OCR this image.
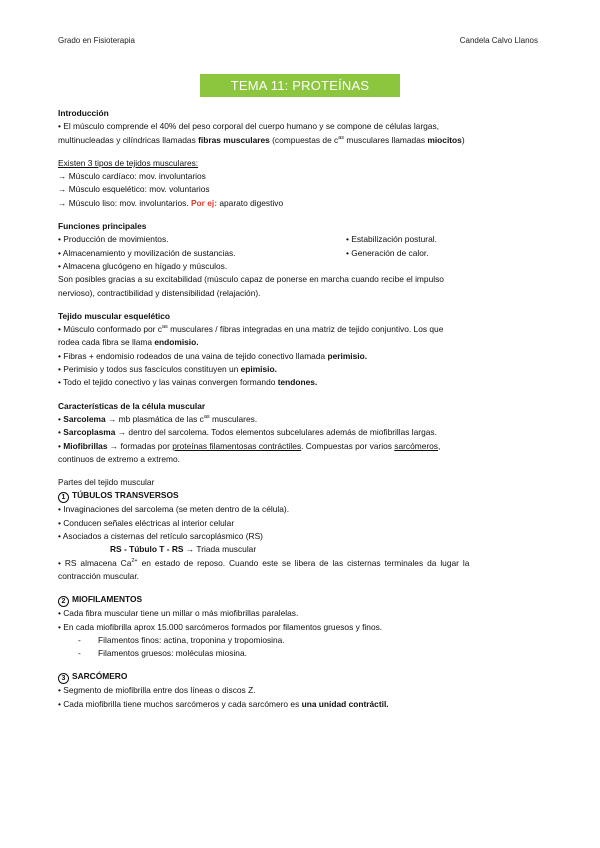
Grado en Fisioterapia	Candela Calvo Llanos
TEMA 11: PROTEÍNAS MUSCULARES
Introducción
• El músculo comprende el 40% del peso corporal del cuerpo humano y se compone de células largas,
multinucleadas y cilíndricas llamadas fibras musculares (compuestas de $c^{as}$ musculares llamadas miocitos)
Existen 3 tipos de tejidos musculares:
→ Músculo cardíaco: mov. involuntarios
→ Músculo esquelético: mov. voluntarios
→ Músculo liso: mov. involuntarios. Por ej: aparato digestivo
Funciones principales
• Producción de movimientos.	• Estabilización postural.
• Almacenamiento y movilización de sustancias.	• Generación de calor.
• Almacena glucógeno en hígado y músculos.
Son posibles gracias a su excitabilidad (músculo capaz de ponerse en marcha cuando recibe el impulso
nervioso), contractibilidad y distensibilidad (relajación).
Tejido muscular esquelético
• Músculo conformado por $c^{as}$ musculares / fibras integradas en una matriz de tejido conjuntivo. Los que
rodea cada fibra se llama endomisio.
• Fibras + endomisio rodeados de una vaina de tejido conectivo llamada perimisio.
• Perimisio y todos sus fascículos constituyen un epimisio.
• Todo el tejido conectivo y las vainas convergen formando tendones.
Características de la célula muscular
• Sarcolema → mb plasmática de las $c^{as}$ musculares.
• Sarcoplasma → dentro del sarcolema. Todos elementos subcelulares además de miofibrillas largas.
• Miofibrillas → formadas por proteínas filamentosas contráctiles. Compuestas por varios sarcómeros,
continuos de extremo a extremo.
Partes del tejido muscular
1 TÚBULOS TRANSVERSOS
• Invaginaciones del sarcolema (se meten dentro de la célula).
• Conducen señales eléctricas al interior celular
• Asociados a cisternas del retículo sarcoplásmico (RS)
RS - Túbulo T - RS → Triada muscular
• RS almacena $Ca^{2+}$ en estado de reposo. Cuando este se libera de las cisternas terminales da lugar la
contracción muscular.
2 MIOFILAMENTOS
• Cada fibra muscular tiene un millar o más miofibrillas paralelas.
• En cada miofibrilla aprox 15.000 sarcómeros formados por filamentos gruesos y finos.
- Filamentos finos: actina, troponina y tropomiosina.
- Filamentos gruesos: moléculas miosina.
3 SARCÓMERO
• Segmento de miofibrilla entre dos líneas o discos Z.
• Cada miofibrilla tiene muchos sarcómeros y cada sarcómero es una unidad contráctil.
